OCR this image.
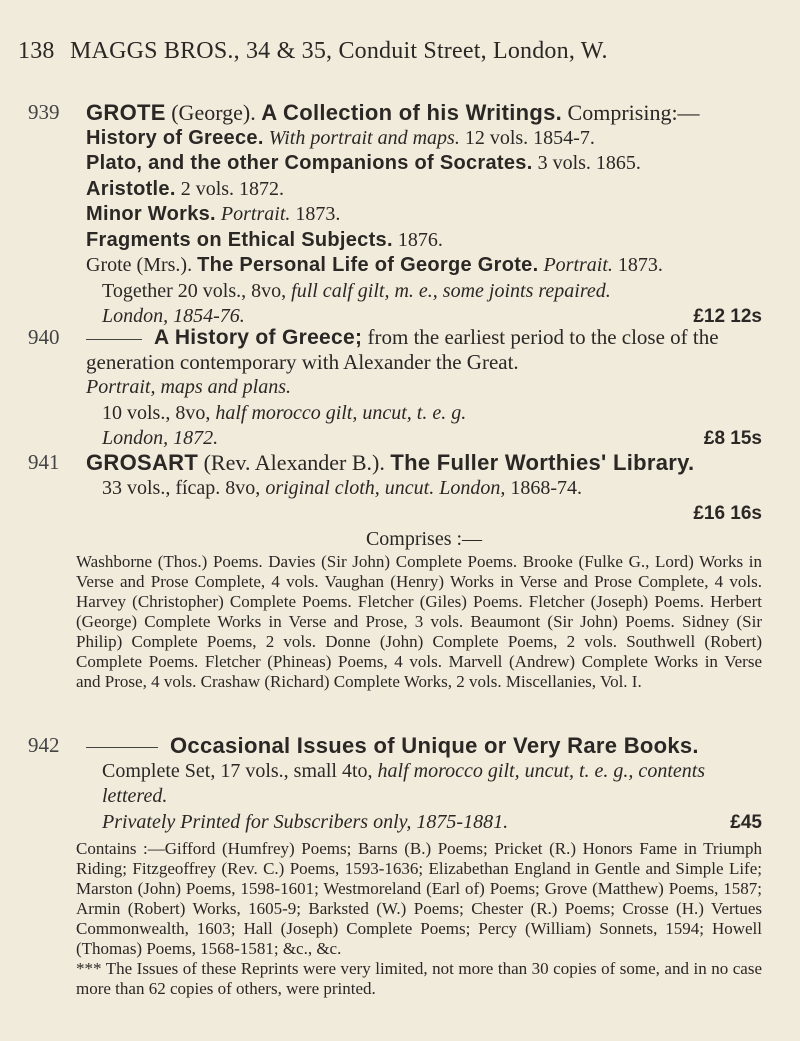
138 MAGGS BROS., 34 & 35, Conduit Street, London, W.
939 GROTE (George). A Collection of his Writings. Comprising:—
History of Greece. With portrait and maps. 12 vols. 1854-7.
Plato, and the other Companions of Socrates. 3 vols. 1865.
Aristotle. 2 vols. 1872.
Minor Works. Portrait. 1873.
Fragments on Ethical Subjects. 1876.
Grote (Mrs.). The Personal Life of George Grote. Portrait. 1873.
Together 20 vols., 8vo, full calf gilt, m. e., some joints repaired.
London, 1854-76.	£12 12s
940	A History of Greece; from the earliest period to the close of the generation contemporary with Alexander the Great.
Portrait, maps and plans.
10 vols., 8vo, half morocco gilt, uncut, t. e. g.
London, 1872.	£8 15s
941 GROSART (Rev. Alexander B.). The Fuller Worthies' Library.
33 vols., fícap. 8vo, original cloth, uncut. London, 1868-74.
£16 16s
Comprises :—
Washborne (Thos.) Poems. Davies (Sir John) Complete Poems. Brooke (Fulke G., Lord) Works in Verse and Prose Complete, 4 vols. Vaughan (Henry) Works in Verse and Prose Complete, 4 vols. Harvey (Christopher) Complete Poems. Fletcher (Giles) Poems. Fletcher (Joseph) Poems. Herbert (George) Complete Works in Verse and Prose, 3 vols. Beaumont (Sir John) Poems. Sidney (Sir Philip) Complete Poems, 2 vols. Donne (John) Complete Poems, 2 vols. Southwell (Robert) Complete Poems. Fletcher (Phineas) Poems, 4 vols. Marvell (Andrew) Complete Works in Verse and Prose, 4 vols. Crashaw (Richard) Complete Works, 2 vols. Miscellanies, Vol. I.
942	Occasional Issues of Unique or Very Rare Books.
Complete Set, 17 vols., small 4to, half morocco gilt, uncut, t. e. g., contents lettered.
Privately Printed for Subscribers only, 1875-1881.	£45
Contains :—Gifford (Humfrey) Poems; Barns (B.) Poems; Pricket (R.) Honors Fame in Triumph Riding; Fitzgeoffrey (Rev. C.) Poems, 1593-1636; Elizabethan England in Gentle and Simple Life; Marston (John) Poems, 1598-1601; Westmoreland (Earl of) Poems; Grove (Matthew) Poems, 1587; Armin (Robert) Works, 1605-9; Barksted (W.) Poems; Chester (R.) Poems; Crosse (H.) Vertues Commonwealth, 1603; Hall (Joseph) Complete Poems; Percy (William) Sonnets, 1594; Howell (Thomas) Poems, 1568-1581; &c., &c.
*** The Issues of these Reprints were very limited, not more than 30 copies of some, and in no case more than 62 copies of others, were printed.
